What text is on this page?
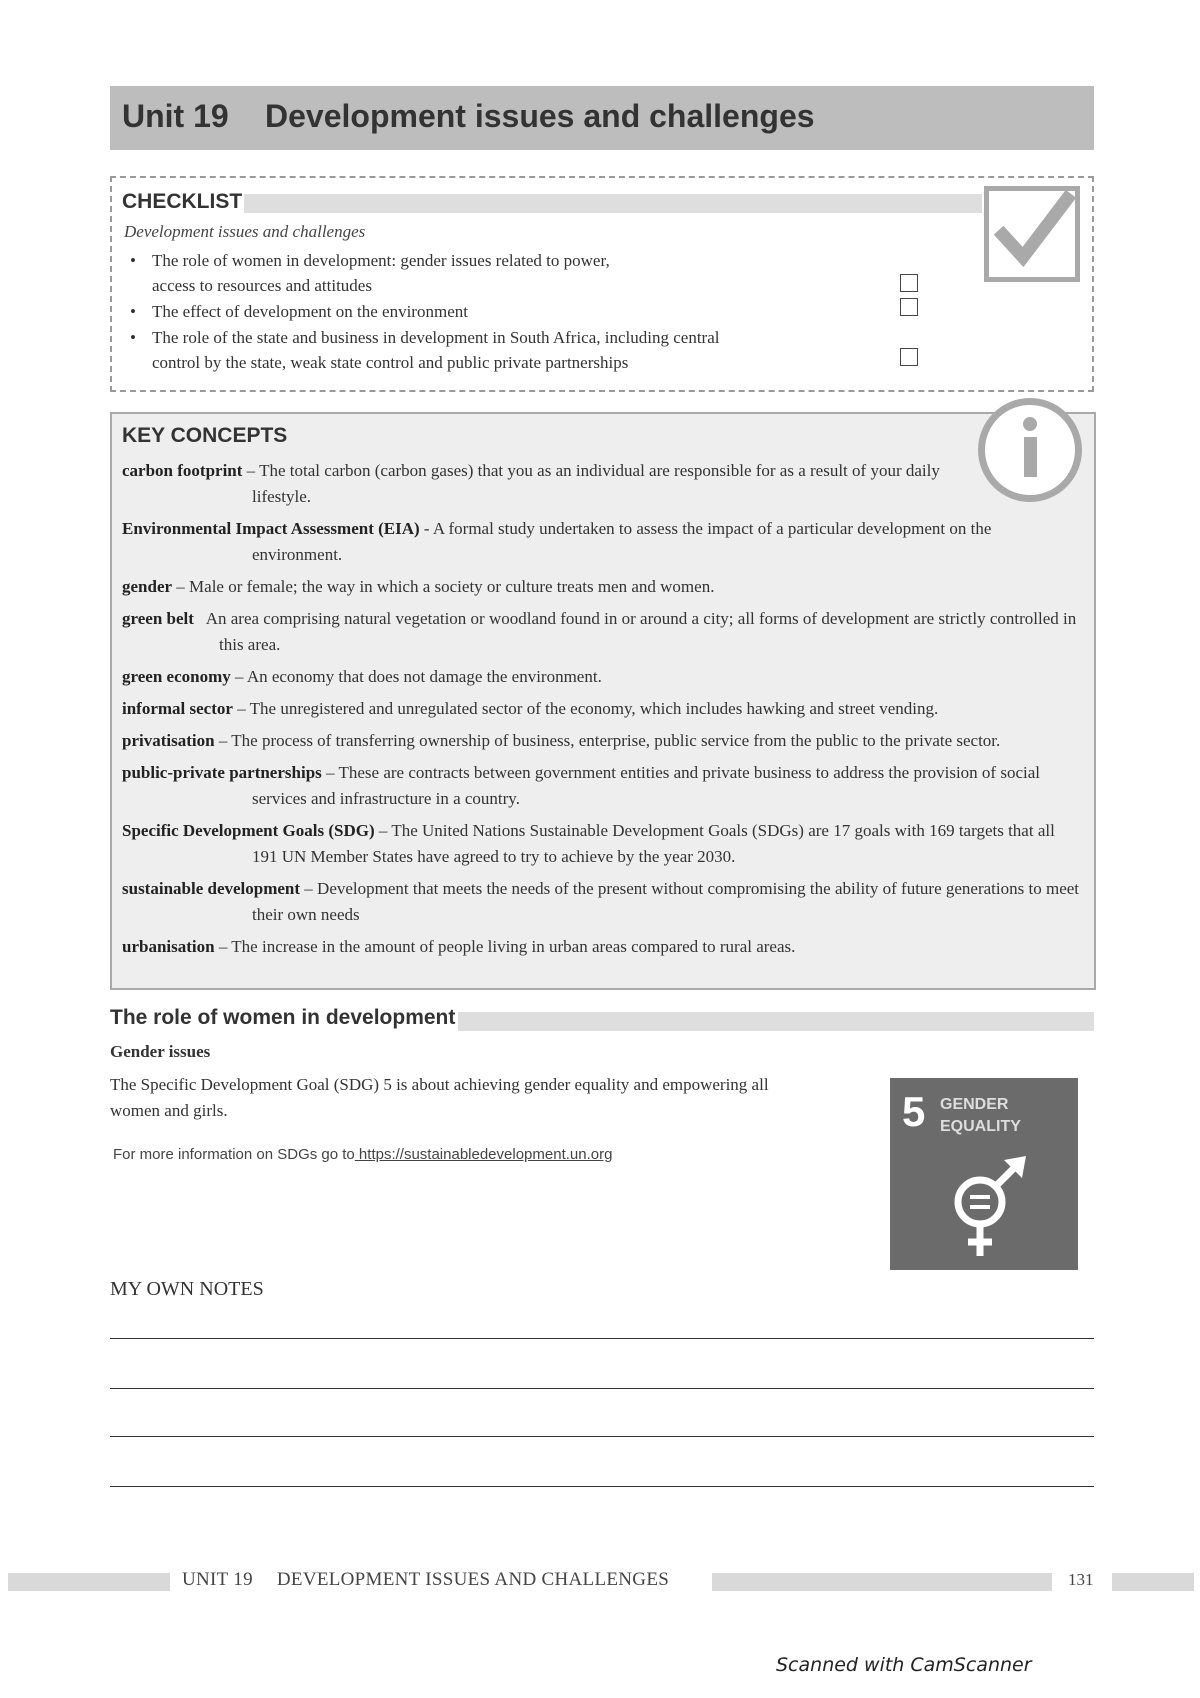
Unit 19 Development issues and challenges
CHECKLIST
Development issues and challenges
• The role of women in development: gender issues related to power,
access to resources and attitudes
• The effect of development on the environment
• The role of the state and business in development in South Africa, including central
control by the state, weak state control and public private partnerships
KEY CONCEPTS
carbon footprint – The total carbon (carbon gases) that you as an individual are responsible for as a result of your daily lifestyle.
Environmental Impact Assessment (EIA) - A formal study undertaken to assess the impact of a particular development on the environment.
gender – Male or female; the way in which a society or culture treats men and women.
green belt An area comprising natural vegetation or woodland found in or around a city; all forms of development are strictly controlled in this area.
green economy – An economy that does not damage the environment.
informal sector – The unregistered and unregulated sector of the economy, which includes hawking and street vending.
privatisation – The process of transferring ownership of business, enterprise, public service from the public to the private sector.
public-private partnerships – These are contracts between government entities and private business to address the provision of social services and infrastructure in a country.
Specific Development Goals (SDG) – The United Nations Sustainable Development Goals (SDGs) are 17 goals with 169 targets that all 191 UN Member States have agreed to try to achieve by the year 2030.
sustainable development – Development that meets the needs of the present without compromising the ability of future generations to meet their own needs
urbanisation – The increase in the amount of people living in urban areas compared to rural areas.
The role of women in development
Gender issues
The Specific Development Goal (SDG) 5 is about achieving gender equality and empowering all women and girls.
For more information on SDGs go to https://sustainabledevelopment.un.org
5 GENDER
EQUALITY
MY OWN NOTES
UNIT 19 DEVELOPMENT ISSUES AND CHALLENGES	131
Scanned with CamScanner
